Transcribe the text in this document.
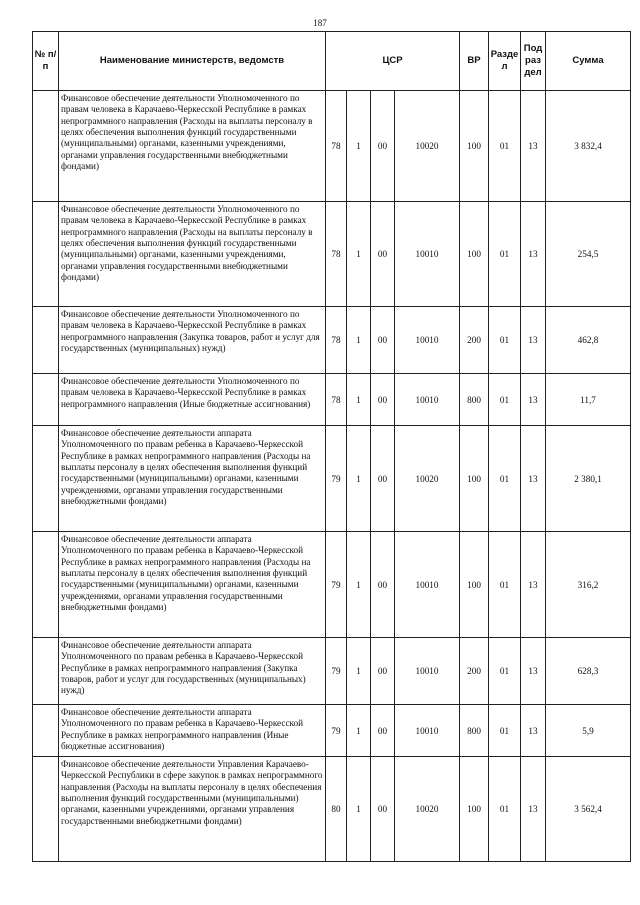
187
№ п/п	Наименование министерств, ведомств	ЦСР				ВР	Разде л	Под раз дел	Сумма
	Финансовое обеспечение деятельности Уполномоченного по правам человека в Карачаево-Черкесской Республике в рамках непрограммного направления (Расходы на выплаты персоналу в целях обеспечения выполнения функций государственными (муниципальными) органами, казенными учреждениями, органами управления государственными внебюджетными фондами)	78	1	00	10020	100	01	13	3 832,4
	Финансовое обеспечение деятельности Уполномоченного по правам человека в Карачаево-Черкесской Республике в рамках непрограммного направления (Расходы на выплаты персоналу в целях обеспечения выполнения функций государственными (муниципальными) органами, казенными учреждениями, органами управления государственными внебюджетными фондами)	78	1	00	10010	100	01	13	254,5
	Финансовое обеспечение деятельности Уполномоченного по правам человека в Карачаево-Черкесской Республике в рамках непрограммного направления (Закупка товаров, работ и услуг для государственных (муниципальных) нужд)	78	1	00	10010	200	01	13	462,8
	Финансовое обеспечение деятельности Уполномоченного по правам человека в Карачаево-Черкесской Республике в рамках непрограммного направления (Иные бюджетные ассигнования)	78	1	00	10010	800	01	13	11,7
	Финансовое обеспечение деятельности аппарата Уполномоченного по правам ребенка в Карачаево-Черкесской Республике в рамках непрограммного направления (Расходы на выплаты персоналу в целях обеспечения выполнения функций государственными (муниципальными) органами, казенными учреждениями, органами управления государственными внебюджетными фондами)	79	1	00	10020	100	01	13	2 380,1
	Финансовое обеспечение деятельности аппарата Уполномоченного по правам ребенка в Карачаево-Черкесской Республике в рамках непрограммного направления (Расходы на выплаты персоналу в целях обеспечения выполнения функций государственными (муниципальными) органами, казенными учреждениями, органами управления государственными внебюджетными фондами)	79	1	00	10010	100	01	13	316,2
	Финансовое обеспечение деятельности аппарата Уполномоченного по правам ребенка в Карачаево-Черкесской Республике в рамках непрограммного направления (Закупка товаров, работ и услуг для государственных (муниципальных) нужд)	79	1	00	10010	200	01	13	628,3
	Финансовое обеспечение деятельности аппарата Уполномоченного по правам ребенка в Карачаево-Черкесской Республике в рамках непрограммного направления (Иные бюджетные ассигнования)	79	1	00	10010	800	01	13	5,9
	Финансовое обеспечение деятельности Управления Карачаево-Черкесской Республики в сфере закупок в рамках непрограммного направления (Расходы на выплаты персоналу в целях обеспечения выполнения функций государственными (муниципальными) органами, казенными учреждениями, органами управления государственными внебюджетными фондами)	80	1	00	10020	100	01	13	3 562,4
